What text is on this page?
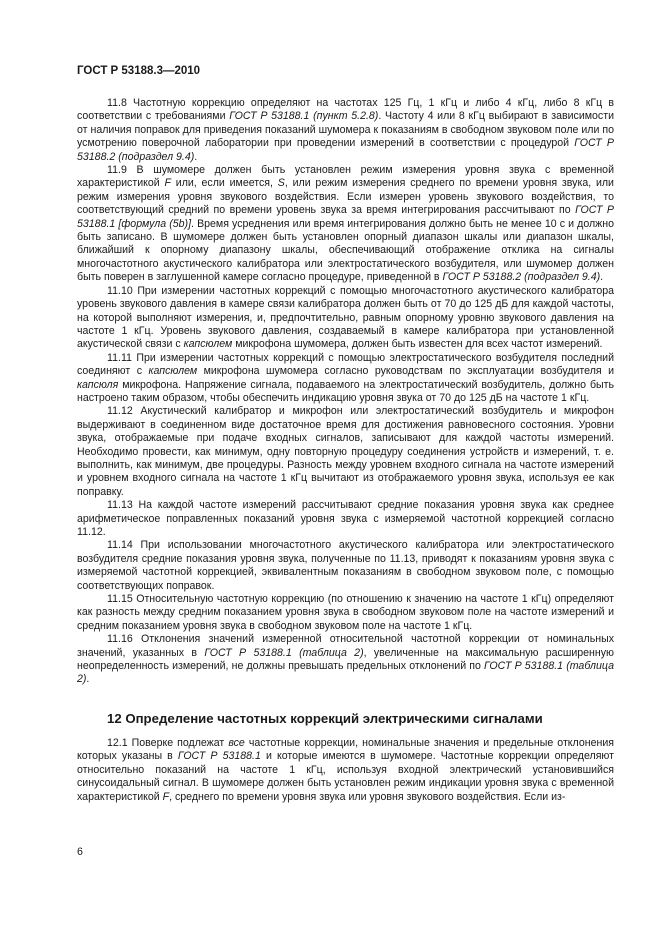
ГОСТ Р 53188.3—2010

11.8 Частотную коррекцию определяют на частотах 125 Гц, 1 кГц и либо 4 кГц, либо 8 кГц в соответствии с требованиями ГОСТ Р 53188.1 (пункт 5.2.8). Частоту 4 или 8 кГц выбирают в зависимости от наличия поправок для приведения показаний шумомера к показаниям в свободном звуковом поле или по усмотрению поверочной лаборатории при проведении измерений в соответствии с процедурой ГОСТ Р 53188.2 (подраздел 9.4).

11.9 В шумомере должен быть установлен режим измерения уровня звука с временной характеристикой F или, если имеется, S, или режим измерения среднего по времени уровня звука, или режим измерения уровня звукового воздействия. Если измерен уровень звукового воздействия, то соответствующий средний по времени уровень звука за время интегрирования рассчитывают по ГОСТ Р 53188.1 [формула (5b)]. Время усреднения или время интегрирования должно быть не менее 10 с и должно быть записано. В шумомере должен быть установлен опорный диапазон шкалы или диапазон шкалы, ближайший к опорному диапазону шкалы, обеспечивающий отображение отклика на сигналы многочастотного акустического калибратора или электростатического возбудителя, или шумомер должен быть поверен в заглушенной камере согласно процедуре, приведенной в ГОСТ Р 53188.2 (подраздел 9.4).

11.10 При измерении частотных коррекций с помощью многочастотного акустического калибратора уровень звукового давления в камере связи калибратора должен быть от 70 до 125 дБ для каждой частоты, на которой выполняют измерения, и, предпочтительно, равным опорному уровню звукового давления на частоте 1 кГц. Уровень звукового давления, создаваемый в камере калибратора при установленной акустической связи с капсюлем микрофона шумомера, должен быть известен для всех частот измерений.

11.11 При измерении частотных коррекций с помощью электростатического возбудителя последний соединяют с капсюлем микрофона шумомера согласно руководствам по эксплуатации возбудителя и капсюля микрофона. Напряжение сигнала, подаваемого на электростатический возбудитель, должно быть настроено таким образом, чтобы обеспечить индикацию уровня звука от 70 до 125 дБ на частоте 1 кГц.

11.12 Акустический калибратор и микрофон или электростатический возбудитель и микрофон выдерживают в соединенном виде достаточное время для достижения равновесного состояния. Уровни звука, отображаемые при подаче входных сигналов, записывают для каждой частоты измерений. Необходимо провести, как минимум, одну повторную процедуру соединения устройств и измерений, т. е. выполнить, как минимум, две процедуры. Разность между уровнем входного сигнала на частоте измерений и уровнем входного сигнала на частоте 1 кГц вычитают из отображаемого уровня звука, используя ее как поправку.

11.13 На каждой частоте измерений рассчитывают средние показания уровня звука как среднее арифметическое поправленных показаний уровня звука с измеряемой частотной коррекцией согласно 11.12.

11.14 При использовании многочастотного акустического калибратора или электростатического возбудителя средние показания уровня звука, полученные по 11.13, приводят к показаниям уровня звука с измеряемой частотной коррекцией, эквивалентным показаниям в свободном звуковом поле, с помощью соответствующих поправок.

11.15 Относительную частотную коррекцию (по отношению к значению на частоте 1 кГц) определяют как разность между средним показанием уровня звука в свободном звуковом поле на частоте измерений и средним показанием уровня звука в свободном звуковом поле на частоте 1 кГц.

11.16 Отклонения значений измеренной относительной частотной коррекции от номинальных значений, указанных в ГОСТ Р 53188.1 (таблица 2), увеличенные на максимальную расширенную неопределенность измерений, не должны превышать предельных отклонений по ГОСТ Р 53188.1 (таблица 2).

12 Определение частотных коррекций электрическими сигналами

12.1 Поверке подлежат все частотные коррекции, номинальные значения и предельные отклонения которых указаны в ГОСТ Р 53188.1 и которые имеются в шумомере. Частотные коррекции определяют относительно показаний на частоте 1 кГц, используя входной электрический установившийся синусоидальный сигнал. В шумомере должен быть установлен режим индикации уровня звука с временной характеристикой F, среднего по времени уровня звука или уровня звукового воздействия. Если из-

6
